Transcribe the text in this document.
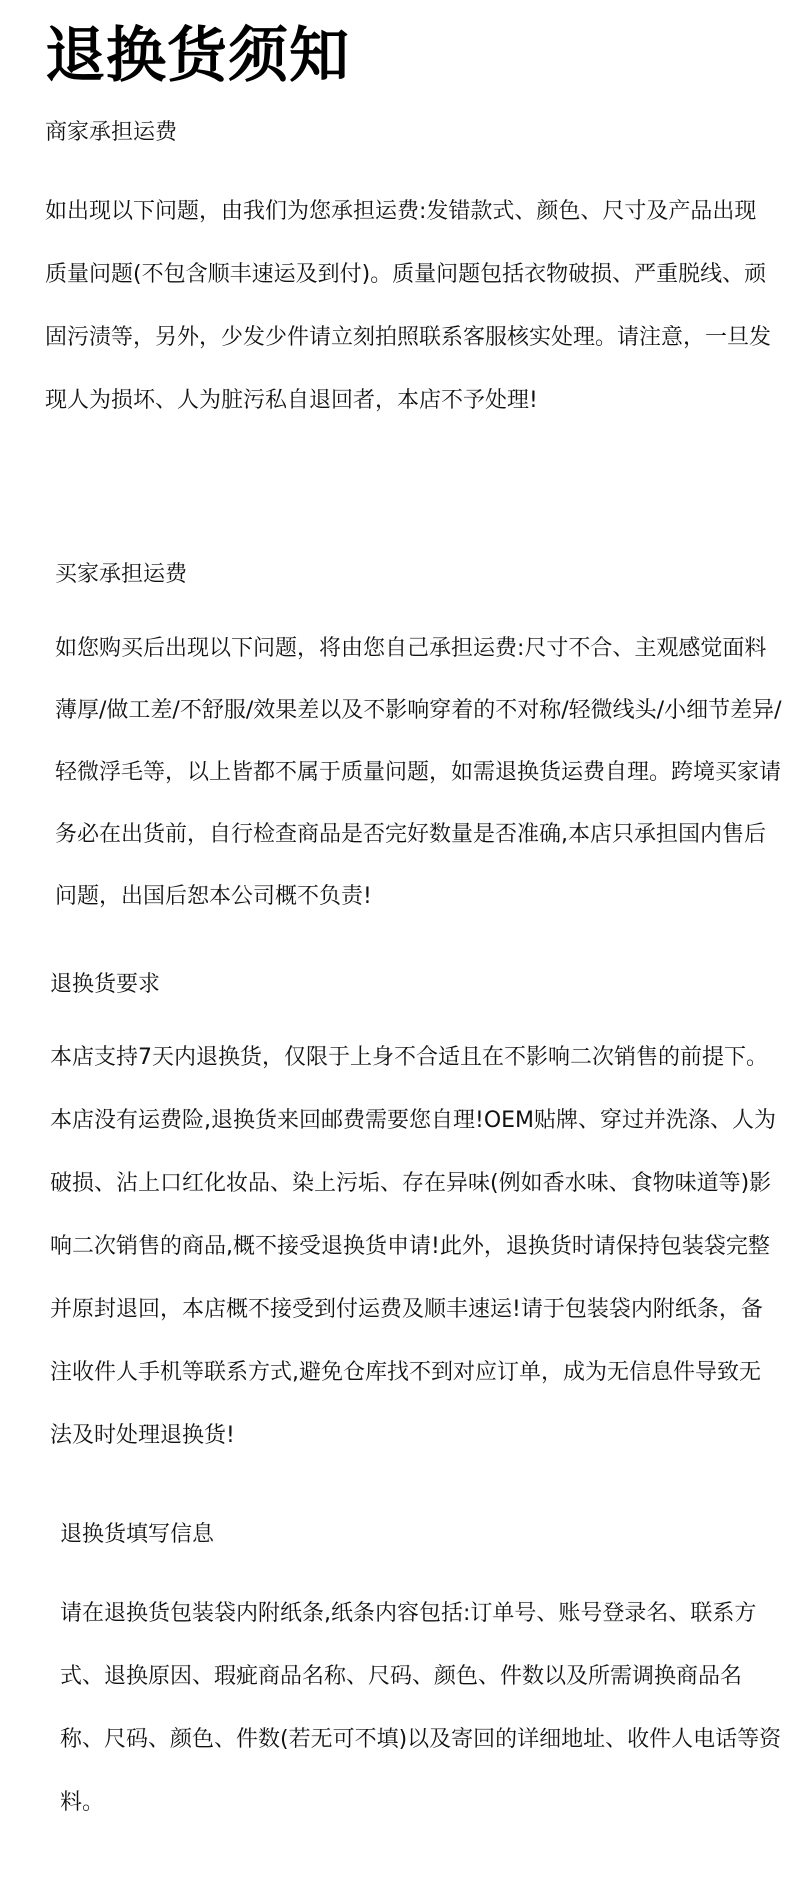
退换货须知
商家承担运费

如出现以下问题，由我们为您承担运费:发错款式、颜色、尺寸及产品出现质量问题(不包含顺丰速运及到付)。质量问题包括衣物破损、严重脱线、顽固污渍等，另外，少发少件请立刻拍照联系客服核实处理。请注意，一旦发现人为损坏、人为脏污私自退回者，本店不予处理!

买家承担运费

如您购买后出现以下问题，将由您自己承担运费:尺寸不合、主观感觉面料薄厚/做工差/不舒服/效果差以及不影响穿着的不对称/轻微线头/小细节差异/轻微浮毛等，以上皆都不属于质量问题，如需退换货运费自理。跨境买家请务必在出货前，自行检查商品是否完好数量是否准确,本店只承担国内售后问题，出国后恕本公司概不负责!

退换货要求

本店支持7天内退换货，仅限于上身不合适且在不影响二次销售的前提下。本店没有运费险,退换货来回邮费需要您自理!OEM贴牌、穿过并洗涤、人为破损、沾上口红化妆品、染上污垢、存在异味(例如香水味、食物味道等)影响二次销售的商品,概不接受退换货申请!此外，退换货时请保持包装袋完整并原封退回，本店概不接受到付运费及顺丰速运!请于包装袋内附纸条，备注收件人手机等联系方式,避免仓库找不到对应订单，成为无信息件导致无法及时处理退换货!

退换货填写信息

请在退换货包装袋内附纸条,纸条内容包括:订单号、账号登录名、联系方式、退换原因、瑕疵商品名称、尺码、颜色、件数以及所需调换商品名称、尺码、颜色、件数(若无可不填)以及寄回的详细地址、收件人电话等资料。
